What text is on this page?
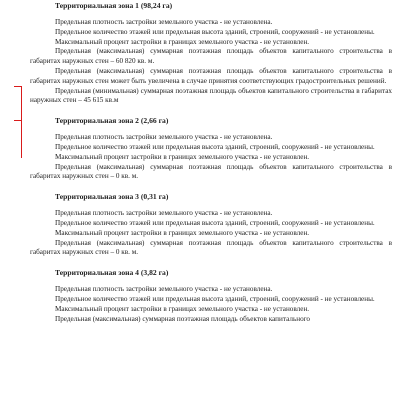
Территориальная зона 1 (98,24 га)

Предельная плотность застройки земельного участка - не установлена.

Предельное количество этажей или предельная высота зданий, строений, сооружений - не установлены.

Максимальный процент застройки в границах земельного участка - не установлен.

Предельная (максимальная) суммарная поэтажная площадь объектов капитального строительства в габаритах наружных стен – 60 820 кв. м.

Предельная (максимальная) суммарная поэтажная площадь объектов капитального строительства в габаритах наружных стен может быть увеличена в случае принятия соответствующих градостроительных решений.

Предельная (минимальная) суммарная поэтажная площадь объектов капитального строительства в габаритах наружных стен – 45 615 кв.м

Территориальная зона 2 (2,66 га)

Предельная плотность застройки земельного участка - не установлена.

Предельное количество этажей или предельная высота зданий, строений, сооружений - не установлены.

Максимальный процент застройки в границах земельного участка - не установлен.

Предельная (максимальная) суммарная поэтажная площадь объектов капитального строительства в габаритах наружных стен – 0 кв. м.

Территориальная зона 3 (0,31 га)

Предельная плотность застройки земельного участка - не установлена.

Предельное количество этажей или предельная высота зданий, строений, сооружений - не установлены.

Максимальный процент застройки в границах земельного участка - не установлен.

Предельная (максимальная) суммарная поэтажная площадь объектов капитального строительства в габаритах наружных стен – 0 кв. м.

Территориальная зона 4 (3,82 га)

Предельная плотность застройки земельного участка - не установлена.

Предельное количество этажей или предельная высота зданий, строений, сооружений - не установлены.

Максимальный процент застройки в границах земельного участка - не установлен.

Предельная (максимальная) суммарная поэтажная площадь объектов капитального
